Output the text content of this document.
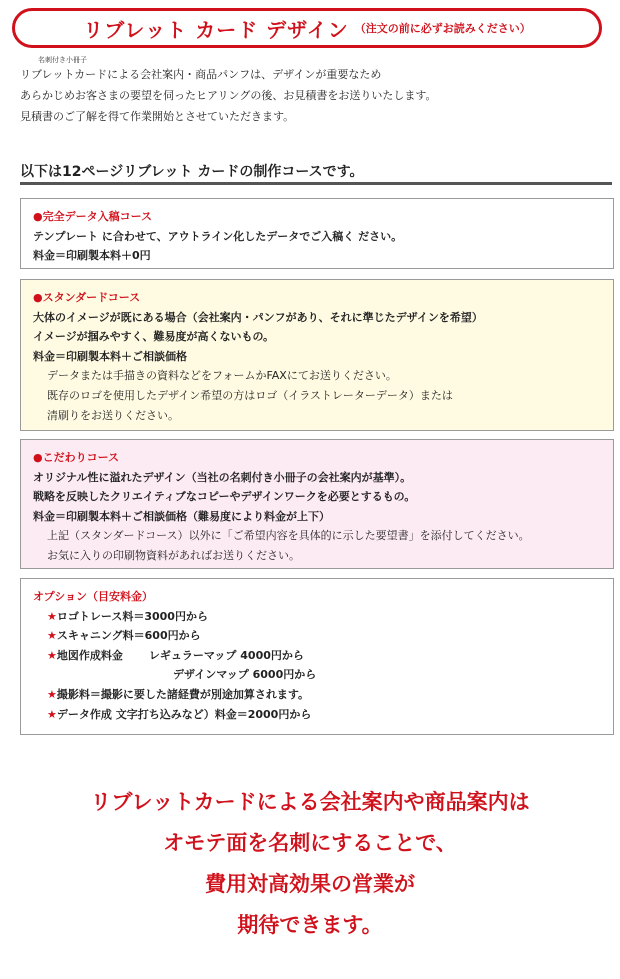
リブレット カード デザイン （注文の前に必ずお読みください）
名刺付き小冊子
リブレットカードによる会社案内・商品パンフは、デザインが重要なため
あらかじめお客さまの要望を伺ったヒアリングの後、お見積書をお送りいたします。
見積書のご了解を得て作業開始とさせていただきます。
以下は12ページリブレット カードの制作コースです。
●完全データ入稿コース
テンプレート に合わせて、アウトライン化したデータでご入稿く ださい。
料金＝印刷製本料＋0円
●スタンダードコース
大体のイメージが既にある場合（会社案内・パンフがあり、それに準じたデザインを希望）
イメージが掴みやすく、難易度が高くないもの。
料金＝印刷製本料＋ご相談価格
データまたは手描きの資料などをフォームかFAXにてお送りください。
既存のロゴを使用したデザイン希望の方はロゴ（イラストレーターデータ）または
清刷りをお送りください。
●こだわりコース
オリジナル性に溢れたデザイン（当社の名刺付き小冊子の会社案内が基準）。
戦略を反映したクリエイティブなコピーやデザインワークを必要とするもの。
料金＝印刷製本料＋ご相談価格（難易度により料金が上下）
上記（スタンダードコース）以外に「ご希望内容を具体的に示した要望書」を添付してください。
お気に入りの印刷物資料があればお送りください。
オプション（目安料金）
★ロゴトレース料＝3000円から
★スキャニング料＝600円から
★地図作成料金 レギュラーマップ 4000円から
デザインマップ 6000円から
★撮影料＝撮影に要した諸経費が別途加算されます。
★データ作成 文字打ち込みなど）料金＝2000円から
リブレットカードによる会社案内や商品案内は
オモテ面を名刺にすることで、
費用対高効果の営業が
期待できます。
